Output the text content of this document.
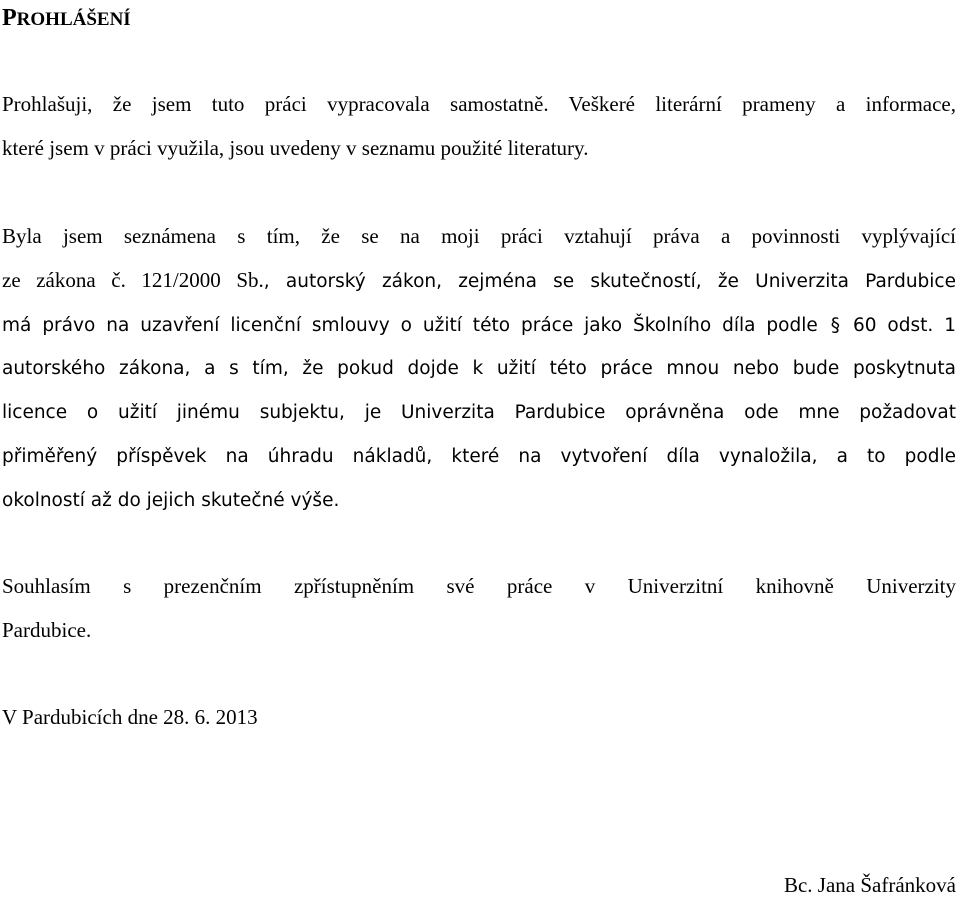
PROHLÁŠENÍ
Prohlašuji, že jsem tuto práci vypracovala samostatně. Veškeré literární prameny a informace,
které jsem v práci využila, jsou uvedeny v seznamu použité literatury.
Byla jsem seznámena s tím, že se na moji práci vztahují práva a povinnosti vyplývající
ze zákona č. 121/2000 Sb., autorský zákon, zejména se skutečností, že Univerzita Pardubice
má právo na uzavření licenční smlouvy o užití této práce jako Školního díla podle § 60 odst. 1
autorského zákona, a s tím, že pokud dojde k užití této práce mnou nebo bude poskytnuta
licence o užití jinému subjektu, je Univerzita Pardubice oprávněna ode mne požadovat
přiměřený příspěvek na úhradu nákladů, které na vytvoření díla vynaložila, a to podle
okolností až do jejich skutečné výše.
Souhlasím s prezenčním zpřístupněním své práce v Univerzitní knihovně Univerzity
Pardubice.
V Pardubicích dne 28. 6. 2013
Bc. Jana Šafránková
